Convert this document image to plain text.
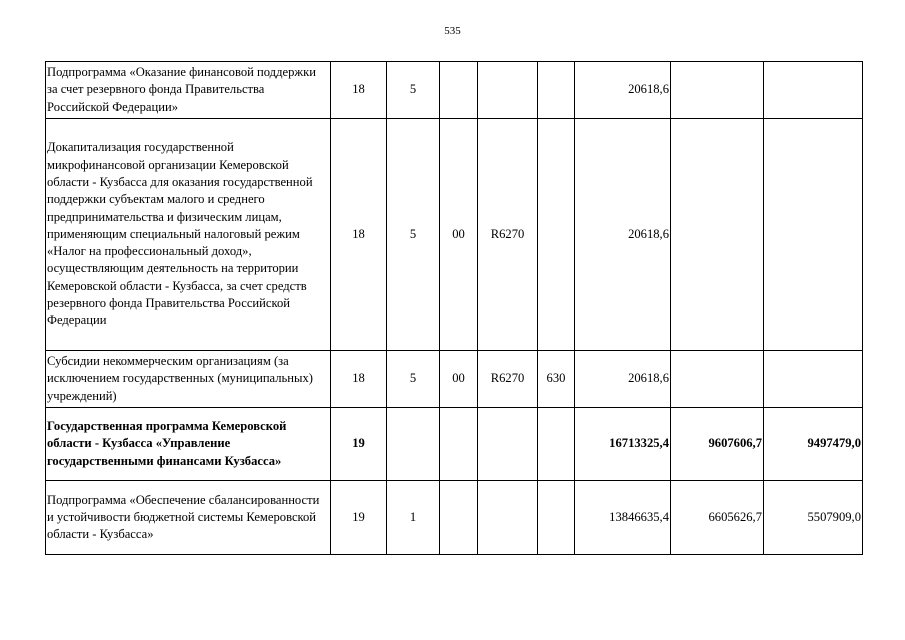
535
Подпрограмма «Оказание финансовой поддержки за счет резервного фонда Правительства Российской Федерации»	18	5				20618,6		
Докапитализация государственной микрофинансовой организации Кемеровской области - Кузбасса для оказания государственной поддержки субъектам малого и среднего предпринимательства и физическим лицам, применяющим специальный налоговый режим «Налог на профессиональный доход», осуществляющим деятельность на территории Кемеровской области - Кузбасса, за счет средств резервного фонда Правительства Российской Федерации	18	5	00	R6270		20618,6		
Субсидии некоммерческим организациям (за исключением государственных (муниципальных) учреждений)	18	5	00	R6270	630	20618,6		
Государственная программа Кемеровской области - Кузбасса «Управление государственными финансами Кузбасса»	19					16713325,4	9607606,7	9497479,0
Подпрограмма «Обеспечение сбалансированности и устойчивости бюджетной системы Кемеровской области - Кузбасса»	19	1				13846635,4	6605626,7	5507909,0
